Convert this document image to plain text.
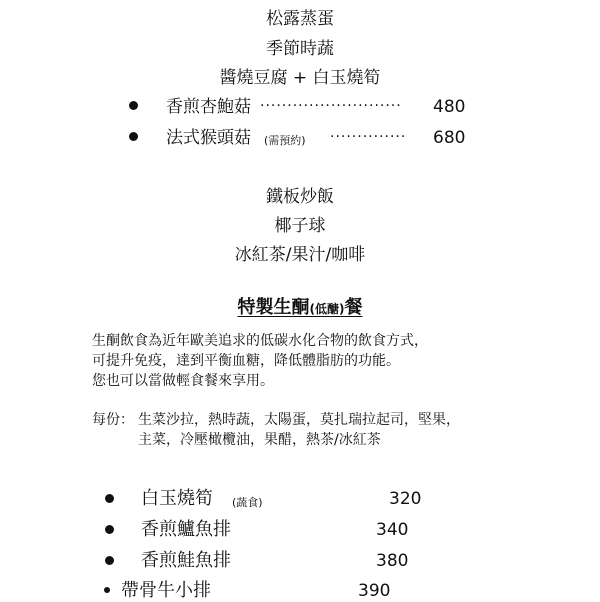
松露蒸蛋
季節時蔬
醬燒豆腐 + 白玉燒筍
香煎杏鮑菇 ·························· 480
法式猴頭菇 (需預約) ·············· 680
鐵板炒飯
椰子球
冰紅茶/果汁/咖啡
特製生酮(低醣)餐
生酮飲食為近年歐美追求的低碳水化合物的飲食方式，
可提升免疫，達到平衡血糖，降低體脂肪的功能。
您也可以當做輕食餐來享用。
每份： 生菜沙拉，熱時蔬，太陽蛋，莫扎瑞拉起司，堅果，
主菜，冷壓橄欖油，果醋，熱茶/冰紅茶
白玉燒筍 (蔬食)	320
香煎鱸魚排	340
香煎鮭魚排	380
帶骨牛小排	390
